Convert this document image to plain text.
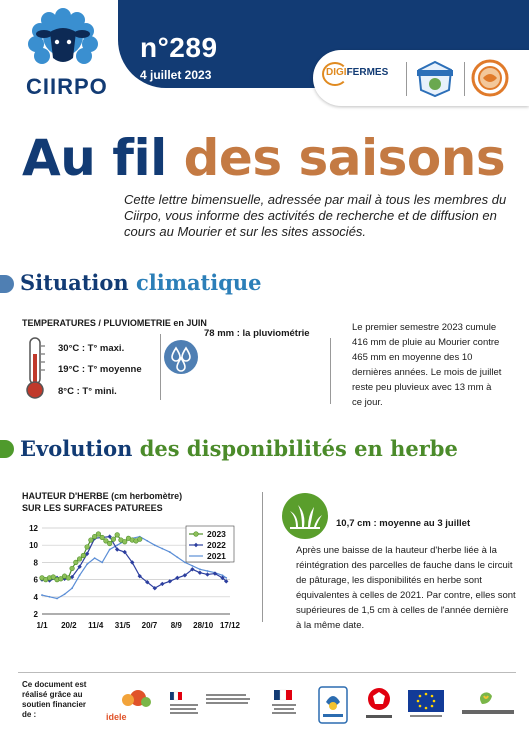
n°289
4 juillet 2023	DIGIFERMES
CIIRPO
Au fil des saisons
Cette lettre bimensuelle, adressée par mail à tous les membres du Ciirpo, vous informe des activités de recherche et de diffusion en cours au Mourier et sur les sites associés.
Situation climatique
TEMPERATURES / PLUVIOMETRIE en JUIN
30°C : T° maxi.
19°C : T° moyenne
8°C : T° mini.
78 mm : la pluviométrie
Le premier semestre 2023 cumule 416 mm de pluie au Mourier contre 465 mm en moyenne des 10 dernières années. Le mois de juillet reste peu pluvieux avec 13 mm à ce jour.
Evolution des disponibilités en herbe
HAUTEUR D'HERBE (cm herbomètre)
SUR LES SURFACES PATUREES
2
4
6
8
10
12
1/1 20/2 11/4 31/5 20/7 8/9 28/10 17/12
2023
2022
2021
10,7 cm : moyenne au 3 juillet
Après une baisse de la hauteur d'herbe liée à la réintégration des parcelles de fauche dans le circuit de pâturage, les disponibilités en herbe sont équivalentes à celles de 2021. Par contre, elles sont supérieures de 1,5 cm à celles de l'année dernière à la même date.
Ce document est réalisé grâce au soutien financier de :	idele
